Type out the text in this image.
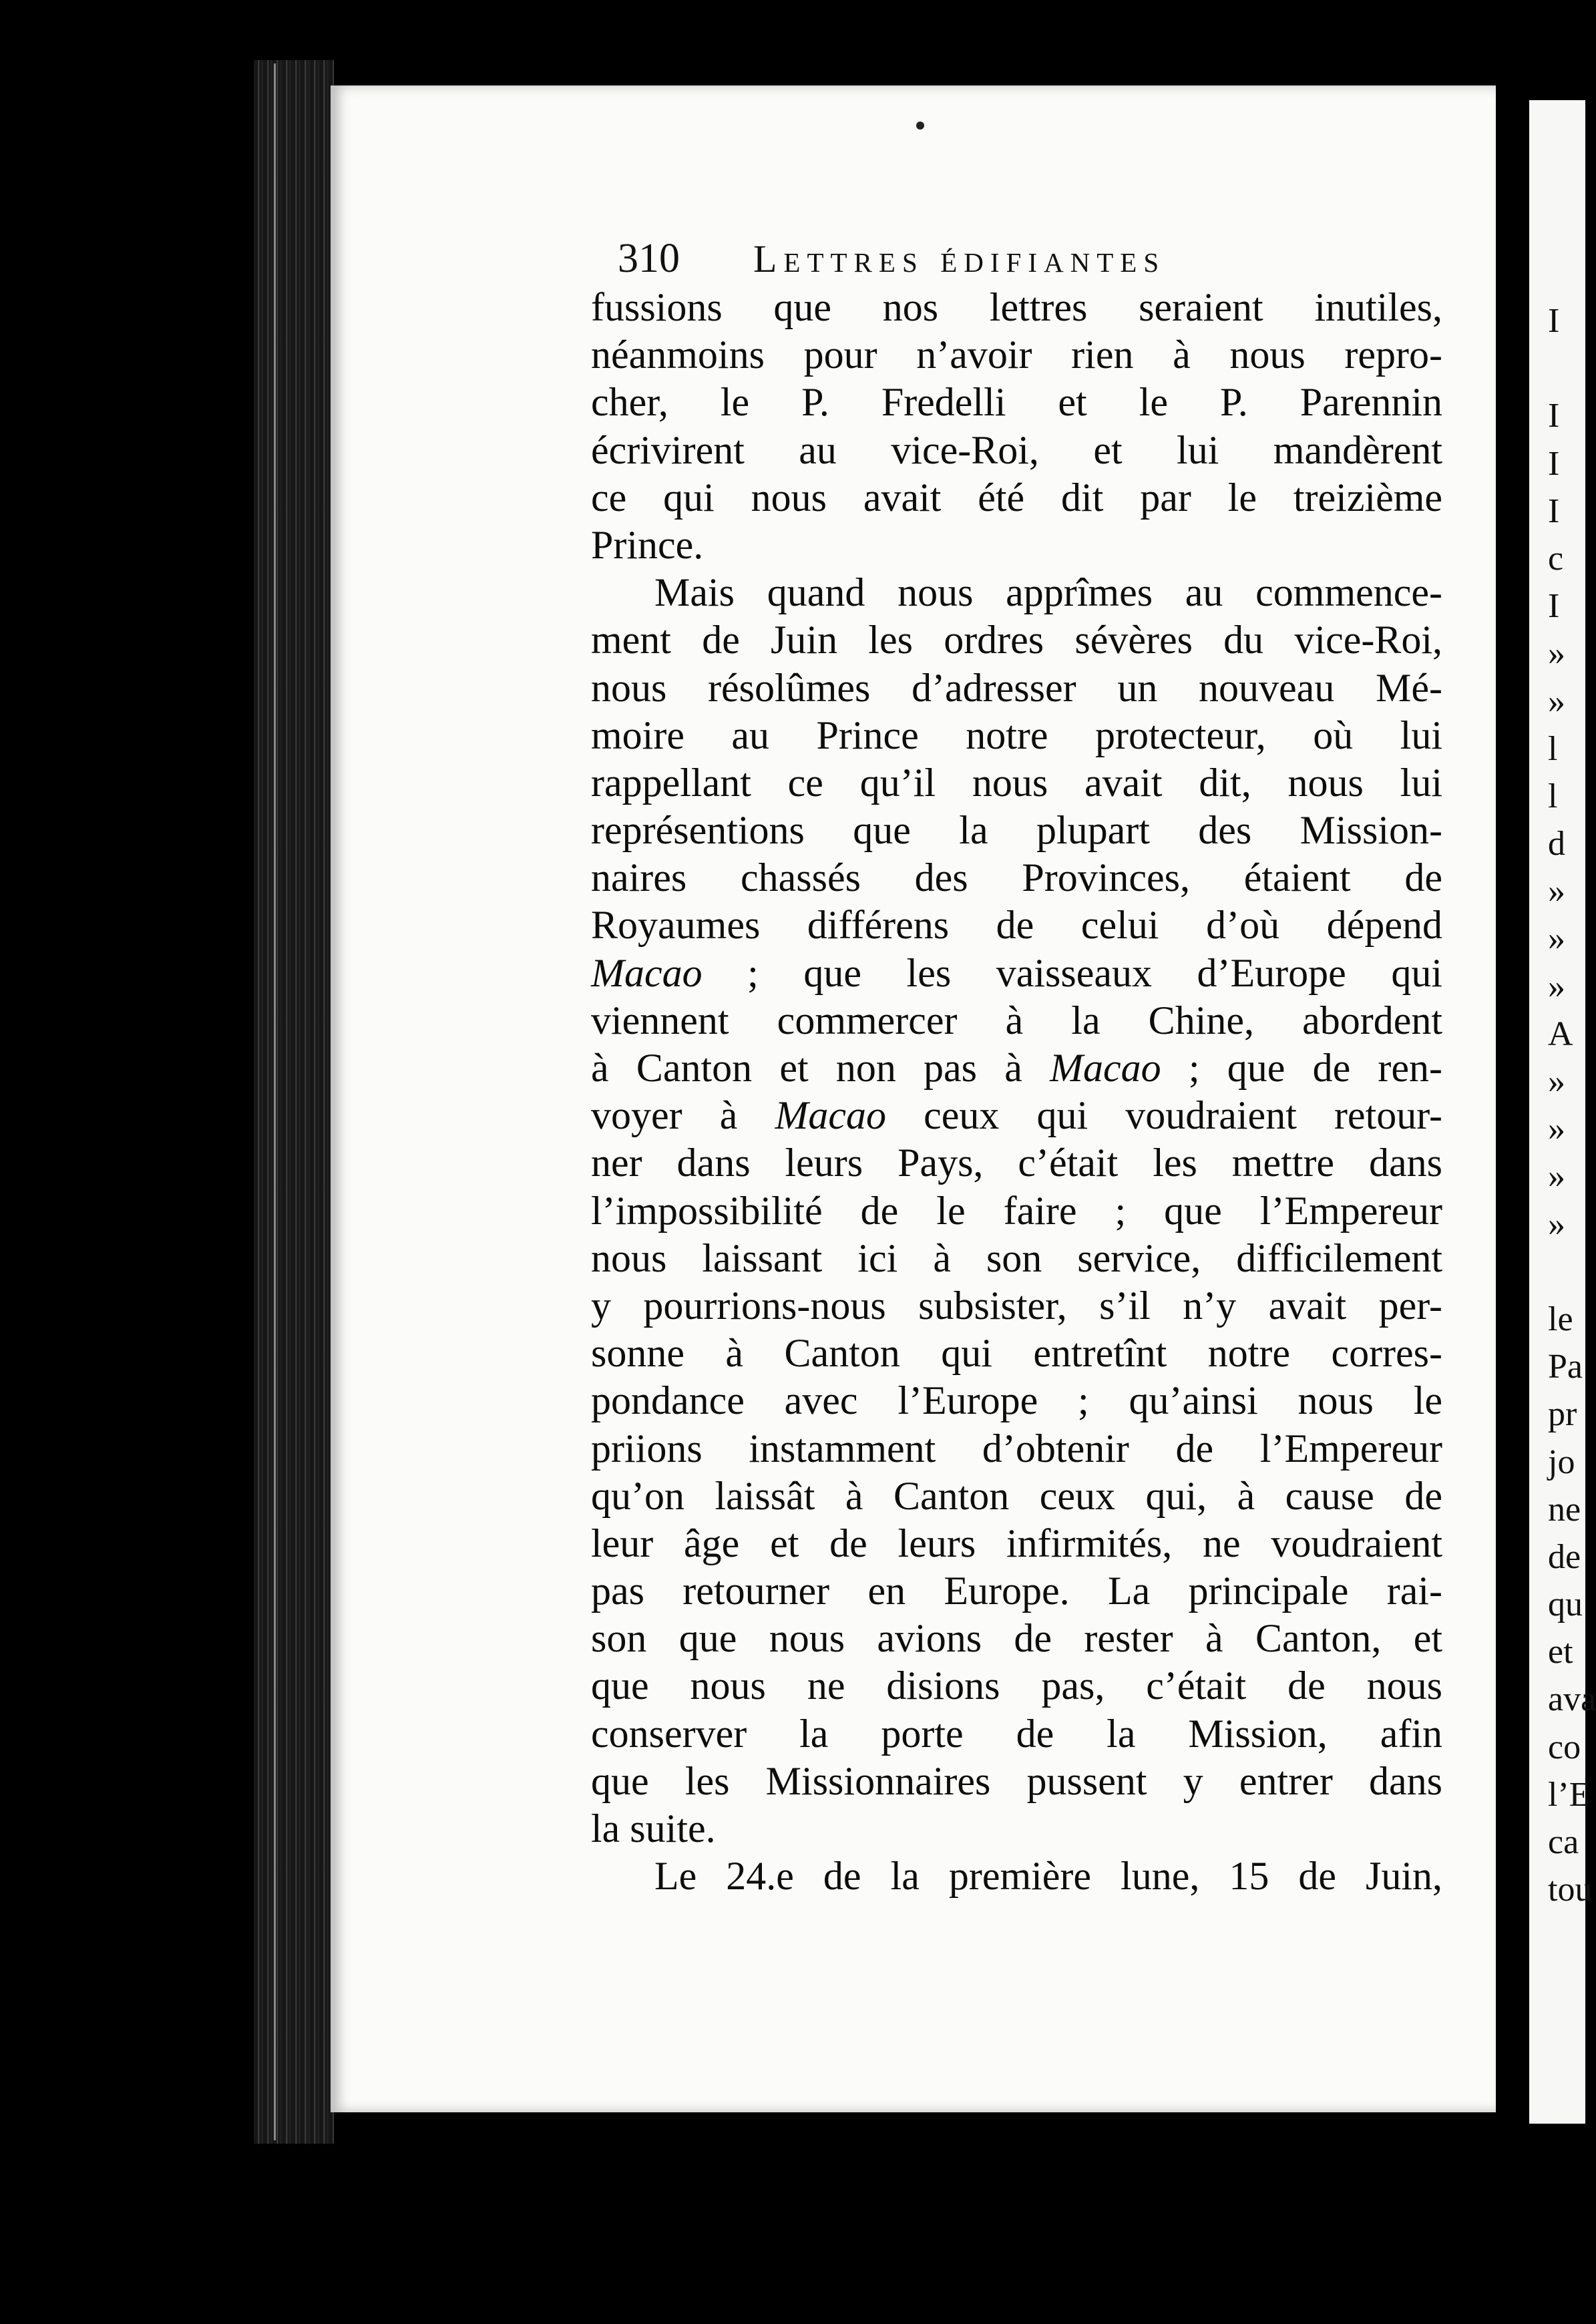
310 Lettres édifiantes
fussions que nos lettres seraient inutiles,
néanmoins pour n’avoir rien à nous repro-
cher, le P. Fredelli et le P. Parennin
écrivirent au vice-Roi, et lui mandèrent
ce qui nous avait été dit par le treizième
Prince.
Mais quand nous apprîmes au commence-
ment de Juin les ordres sévères du vice-Roi,
nous résolûmes d’adresser un nouveau Mé-
moire au Prince notre protecteur, où lui
rappellant ce qu’il nous avait dit, nous lui
représentions que la plupart des Mission-
naires chassés des Provinces, étaient de
Royaumes différens de celui d’où dépend
Macao ; que les vaisseaux d’Europe qui
viennent commercer à la Chine, abordent
à Canton et non pas à Macao ; que de ren-
voyer à Macao ceux qui voudraient retour-
ner dans leurs Pays, c’était les mettre dans
l’impossibilité de le faire ; que l’Empereur
nous laissant ici à son service, difficilement
y pourrions-nous subsister, s’il n’y avait per-
sonne à Canton qui entretînt notre corres-
pondance avec l’Europe ; qu’ainsi nous le
priions instamment d’obtenir de l’Empereur
qu’on laissât à Canton ceux qui, à cause de
leur âge et de leurs infirmités, ne voudraient
pas retourner en Europe. La principale rai-
son que nous avions de rester à Canton, et
que nous ne disions pas, c’était de nous
conserver la porte de la Mission, afin
que les Missionnaires pussent y entrer dans
la suite.
Le 24.e de la première lune, 15 de Juin,
I
I
I
I
c
I
»
»
l
l
d
»
»
»
A
»
»
»
»
le
Pa
pr
jo
ne
de
qu
et
ava
co
l’E
ca
tou
